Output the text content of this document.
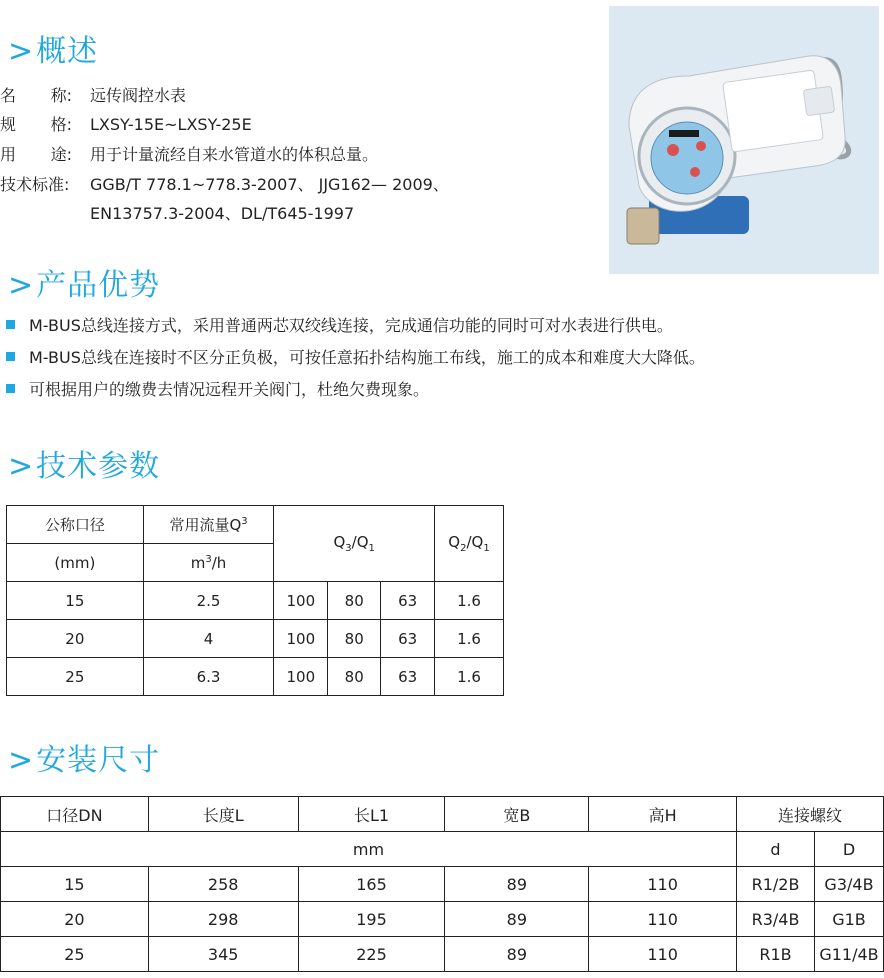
>概述
名 称: 远传阀控水表
规 格: LXSY-15E~LXSY-25E
用 途: 用于计量流经自来水管道水的体积总量。
技术标准: GGB/T 778.1~778.3-2007、 JJG162— 2009、
EN13757.3-2004、DL/T645-1997
>产品优势
M-BUS总线连接方式，采用普通两芯双绞线连接，完成通信功能的同时可对水表进行供电。
M-BUS总线在连接时不区分正负极，可按任意拓扑结构施工布线，施工的成本和难度大大降低。
可根据用户的缴费去情况远程开关阀门，杜绝欠费现象。
>技术参数
公称口径	常用流量$Q^3$	$Q_3/Q_1$			$Q_2/Q_1$
(mm)	$m^3/h$				
15	2.5	100	80	63	1.6
20	4	100	80	63	1.6
25	6.3	100	80	63	1.6
>安装尺寸
口径DN	长度L	长L1	宽B	高H	连接螺纹	
mm					d	D
15	258	165	89	110	R1/2B	G3/4B
20	298	195	89	110	R3/4B	G1B
25	345	225	89	110	R1B	G11/4B
